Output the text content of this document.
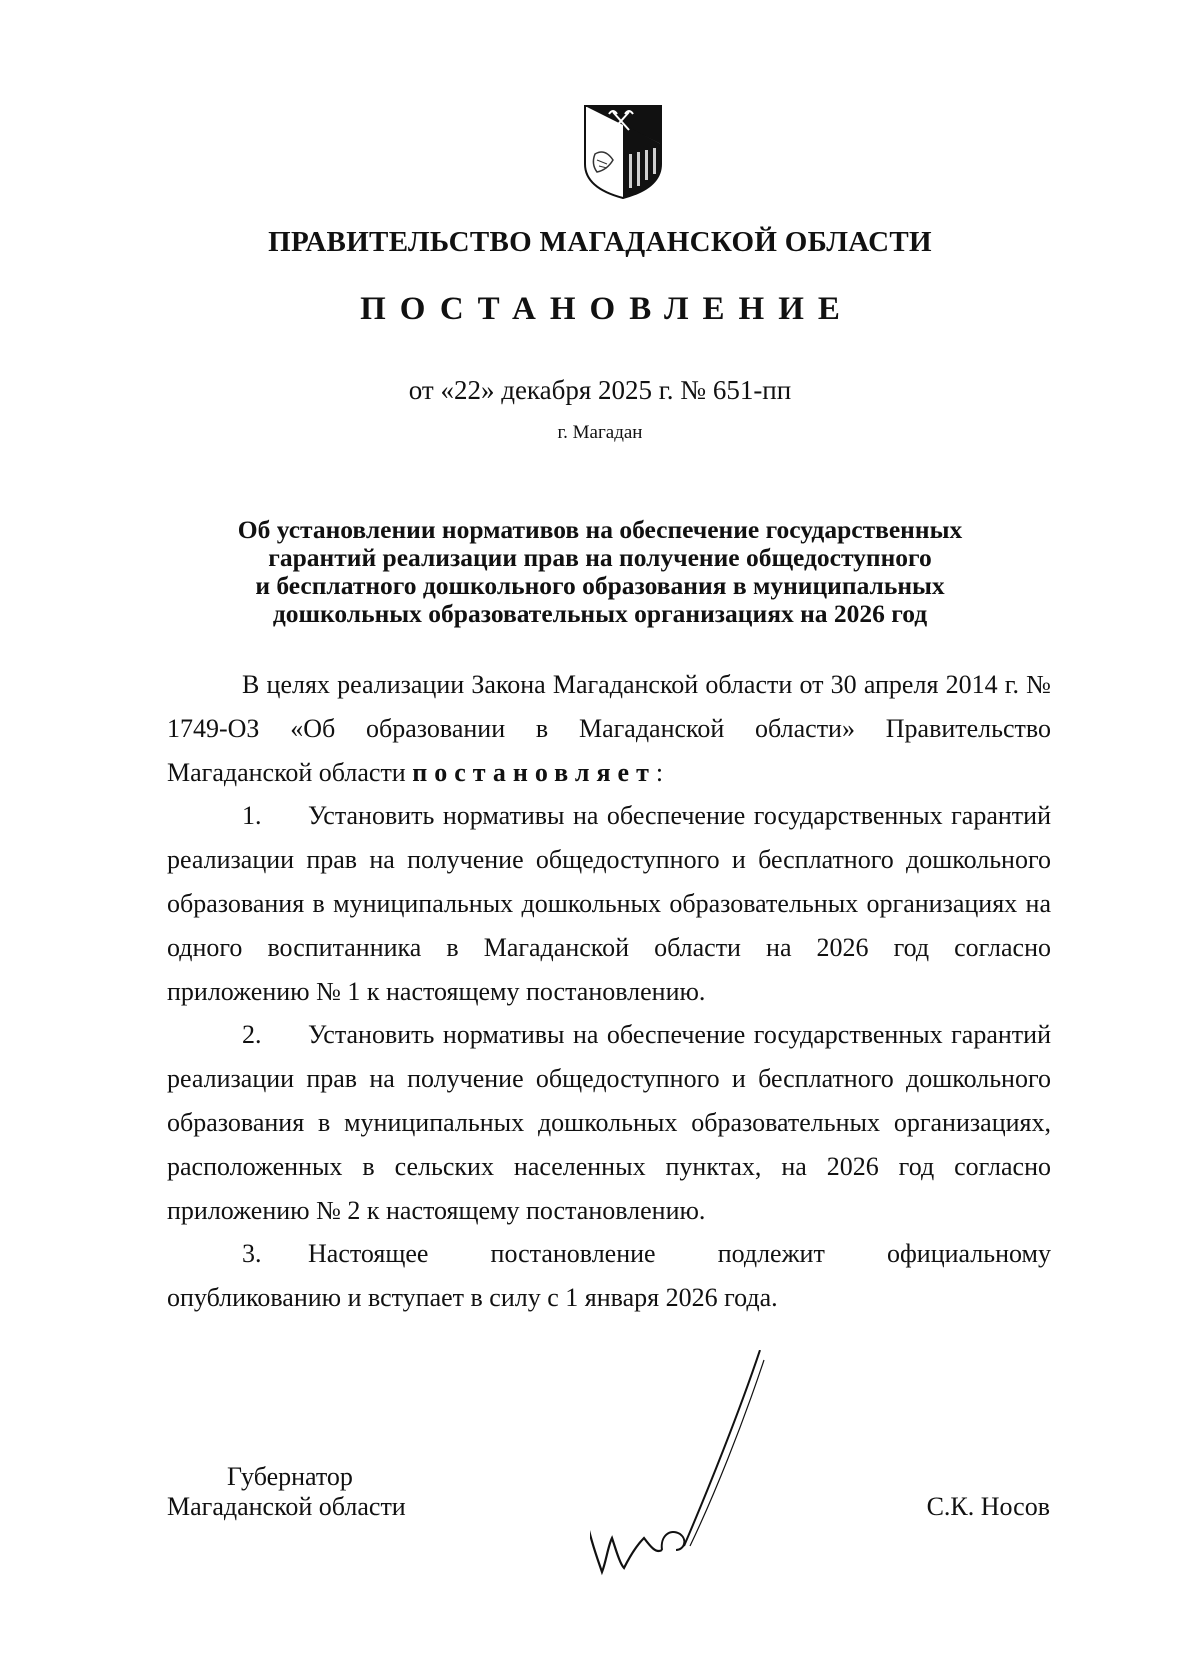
ПРАВИТЕЛЬСТВО МАГАДАНСКОЙ ОБЛАСТИ
ПОСТАНОВЛЕНИЕ
от «22» декабря 2025 г. № 651-пп
г. Магадан
Об установлении нормативов на обеспечение государственных
гарантий реализации прав на получение общедоступного
и бесплатного дошкольного образования в муниципальных
дошкольных образовательных организациях на 2026 год

В целях реализации Закона Магаданской области от 30 апреля 2014 г. № 1749-ОЗ «Об образовании в Магаданской области» Правительство Магаданской области постановляет:

1. Установить нормативы на обеспечение государственных гарантий реализации прав на получение общедоступного и бесплатного дошкольного образования в муниципальных дошкольных образовательных организациях на одного воспитанника в Магаданской области на 2026 год согласно приложению № 1 к настоящему постановлению.

2. Установить нормативы на обеспечение государственных гарантий реализации прав на получение общедоступного и бесплатного дошкольного образования в муниципальных дошкольных образовательных организациях, расположенных в сельских населенных пунктах, на 2026 год согласно приложению № 2 к настоящему постановлению.

3. Настоящее постановление подлежит официальному опубликованию и вступает в силу с 1 января 2026 года.

Губернатор
Магаданской области	С.К. Носов
